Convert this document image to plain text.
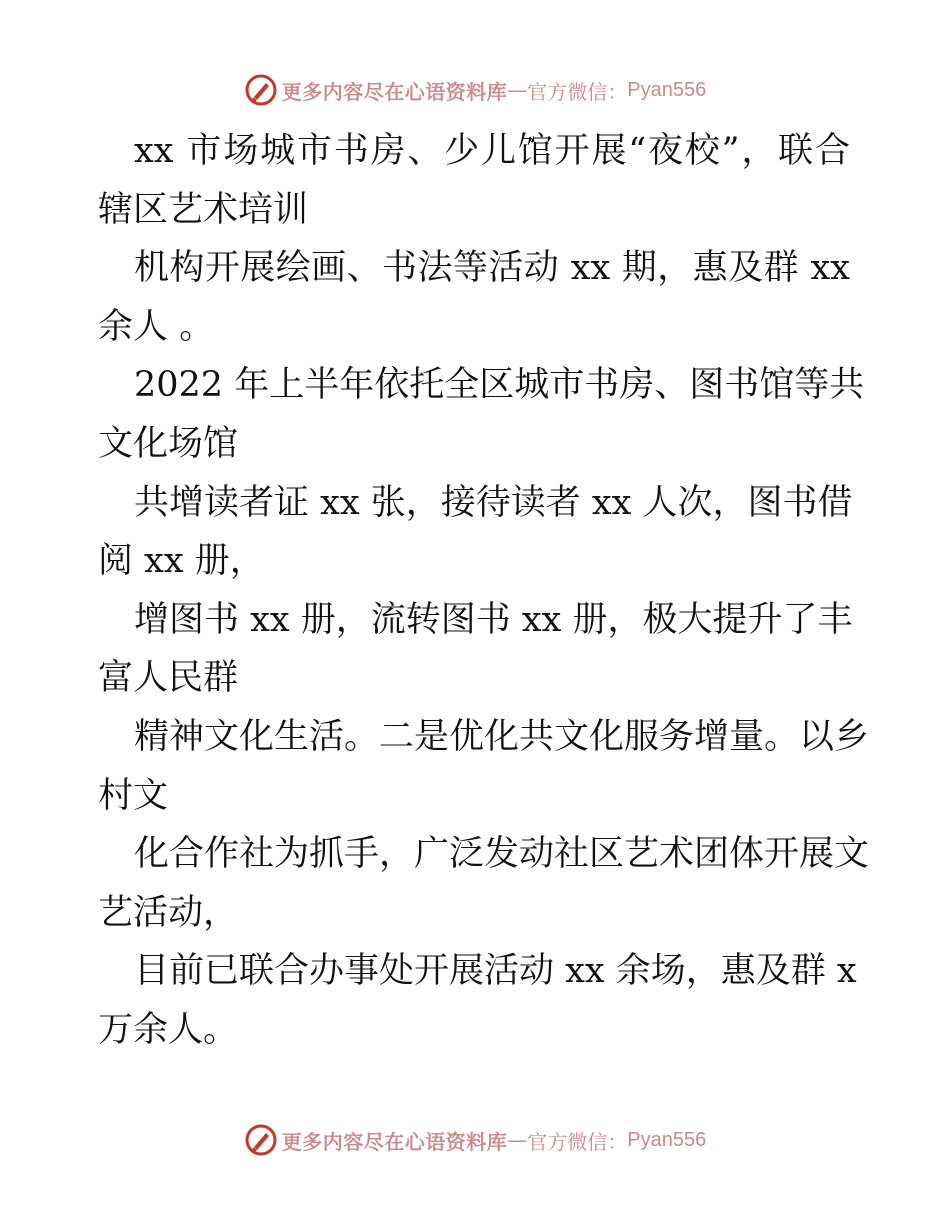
更多内容尽在心语资料库 — 官方微信： Pyan556
xx 市场城市书房、少儿馆开展“夜校”，联合
辖区艺术培训
机构开展绘画、书法等活动 xx 期，惠及群 xx
余人 。
2022 年上半年依托全区城市书房、图书馆等共
文化场馆
共增读者证 xx 张，接待读者 xx 人次，图书借
阅 xx 册，
增图书 xx 册，流转图书 xx 册，极大提升了丰
富人民群
精神文化生活。二是优化共文化服务增量。以乡
村文
化合作社为抓手，广泛发动社区艺术团体开展文
艺活动，
目前已联合办事处开展活动 xx 余场，惠及群 x
万余人。
更多内容尽在心语资料库 — 官方微信： Pyan556
